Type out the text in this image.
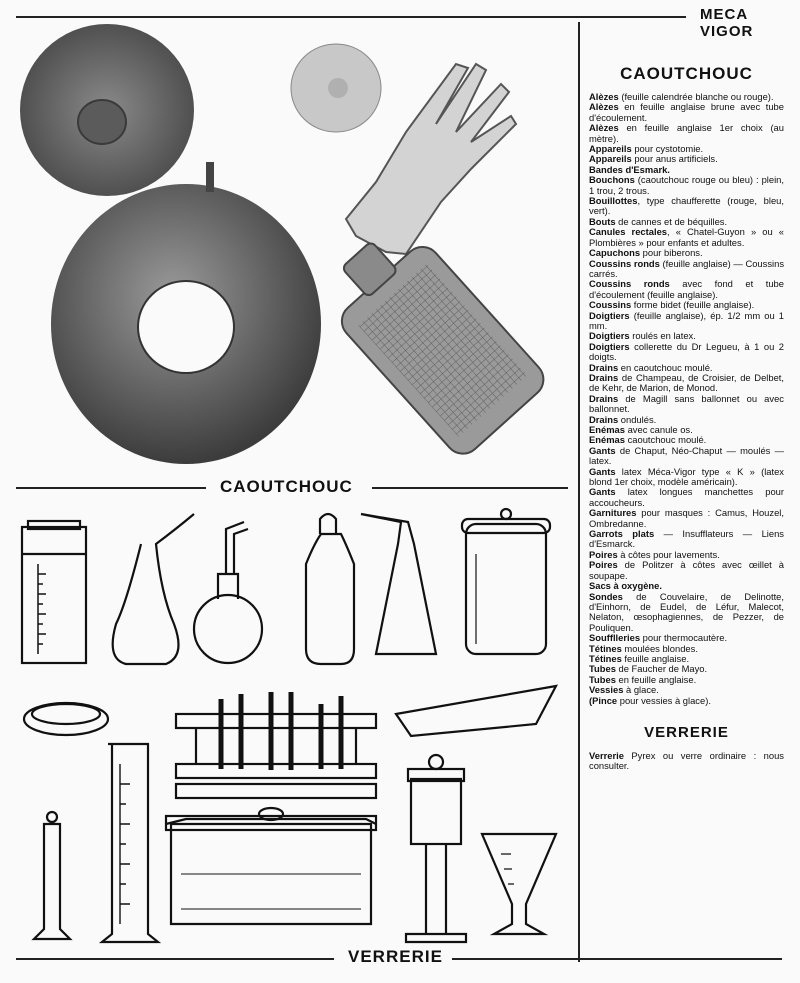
MECA VIGOR
CAOUTCHOUC
VERRERIE
CAOUTCHOUC

Alèzes (feuille calendrée blanche ou rouge).

Alèzes en feuille anglaise brune avec tube d'écoulement.

Alèzes en feuille anglaise 1er choix (au mètre).

Appareils pour cystotomie.

Appareils pour anus artificiels.

Bandes d'Esmark.

Bouchons (caoutchouc rouge ou bleu) : plein, 1 trou, 2 trous.

Bouillottes, type chaufferette (rouge, bleu, vert).

Bouts de cannes et de béquilles.

Canules rectales, « Chatel-Guyon » ou « Plombières » pour enfants et adultes.

Capuchons pour biberons.

Coussins ronds (feuille anglaise) — Coussins carrés.

Coussins ronds avec fond et tube d'écoulement (feuille anglaise).

Coussins forme bidet (feuille anglaise).

Doigtiers (feuille anglaise), ép. 1/2 mm ou 1 mm.

Doigtiers roulés en latex.

Doigtiers collerette du Dr Legueu, à 1 ou 2 doigts.

Drains en caoutchouc moulé.

Drains de Champeau, de Croisier, de Delbet, de Kehr, de Marion, de Monod.

Drains de Magill sans ballonnet ou avec ballonnet.

Drains ondulés.

Enémas avec canule os.

Enémas caoutchouc moulé.

Gants de Chaput, Néo-Chaput — moulés — latex.

Gants latex Méca-Vigor type « K » (latex blond 1er choix, modèle américain).

Gants latex longues manchettes pour accoucheurs.

Garnitures pour masques : Camus, Houzel, Ombredanne.

Garrots plats — Insufflateurs — Liens d'Esmarck.

Poires à côtes pour lavements.

Poires de Politzer à côtes avec œillet à soupape.

Sacs à oxygène.

Sondes de Couvelaire, de Delinotte, d'Einhorn, de Eudel, de Léfur, Malecot, Nelaton, œsophagiennes, de Pezzer, de Pouliquen.

Soufflleries pour thermocautère.

Tétines moulées blondes.

Tétines feuille anglaise.

Tubes de Faucher de Mayo.

Tubes en feuille anglaise.

Vessies à glace.

(Pince pour vessies à glace).

VERRERIE

Verrerie Pyrex ou verre ordinaire : nous consulter.
